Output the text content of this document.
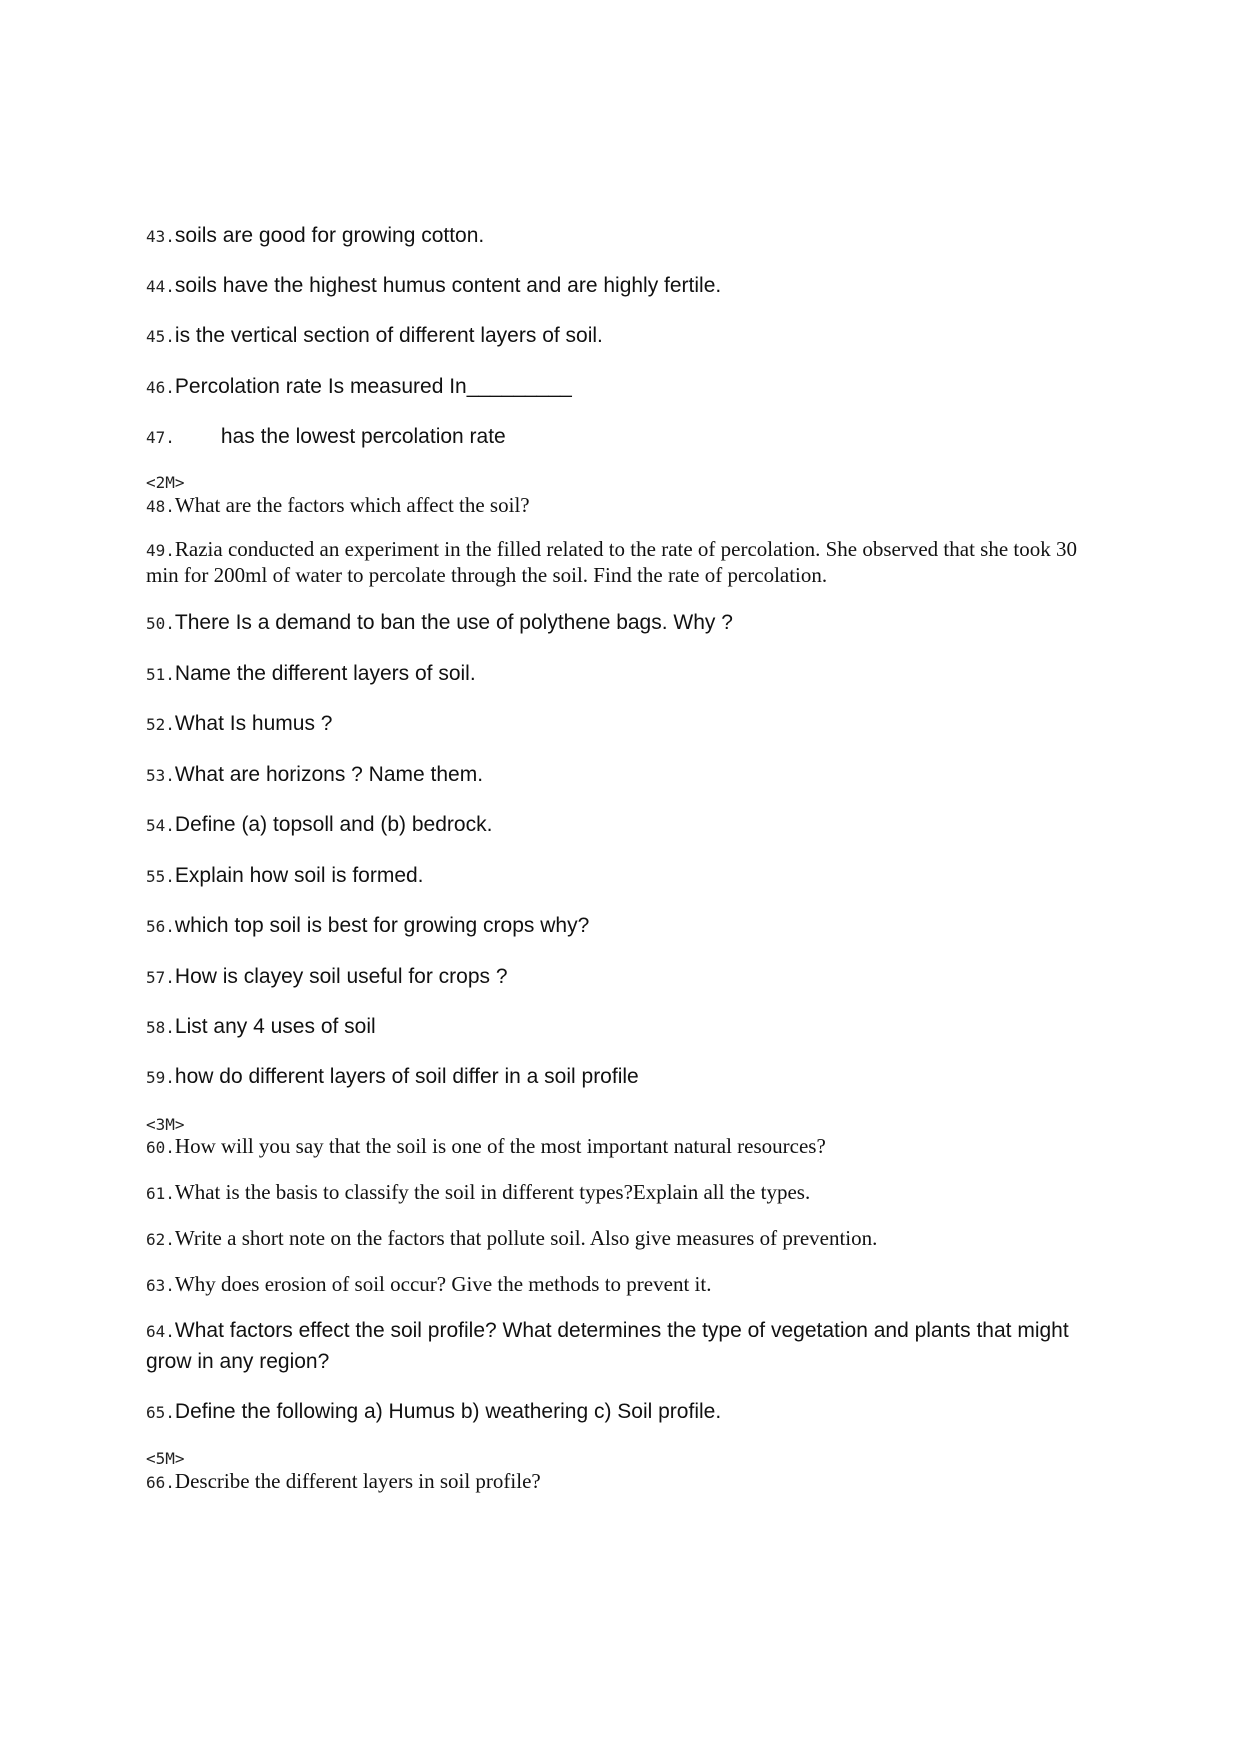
43.soils are good for growing cotton.
44.soils have the highest humus content and are highly fertile.
45.is the vertical section of different layers of soil.
46.Percolation rate Is measured In_________
47. has the lowest percolation rate
<2M>
48.What are the factors which affect the soil?
49.Razia conducted an experiment in the filled related to the rate of percolation. She observed that she took 30 min for 200ml of water to percolate through the soil. Find the rate of percolation.
50.There Is a demand to ban the use of polythene bags. Why ?
51.Name the different layers of soil.
52.What Is humus ?
53.What are horizons ? Name them.
54.Define (a) topsoll and (b) bedrock.
55.Explain how soil is formed.
56.which top soil is best for growing crops why?
57.How is clayey soil useful for crops ?
58.List any 4 uses of soil
59.how do different layers of soil differ in a soil profile
<3M>
60.How will you say that the soil is one of the most important natural resources?
61.What is the basis to classify the soil in different types?Explain all the types.
62.Write a short note on the factors that pollute soil. Also give measures of prevention.
63.Why does erosion of soil occur? Give the methods to prevent it.
64.What factors effect the soil profile? What determines the type of vegetation and plants that might grow in any region?
65.Define the following a) Humus b) weathering c) Soil profile.
<5M>
66.Describe the different layers in soil profile?
